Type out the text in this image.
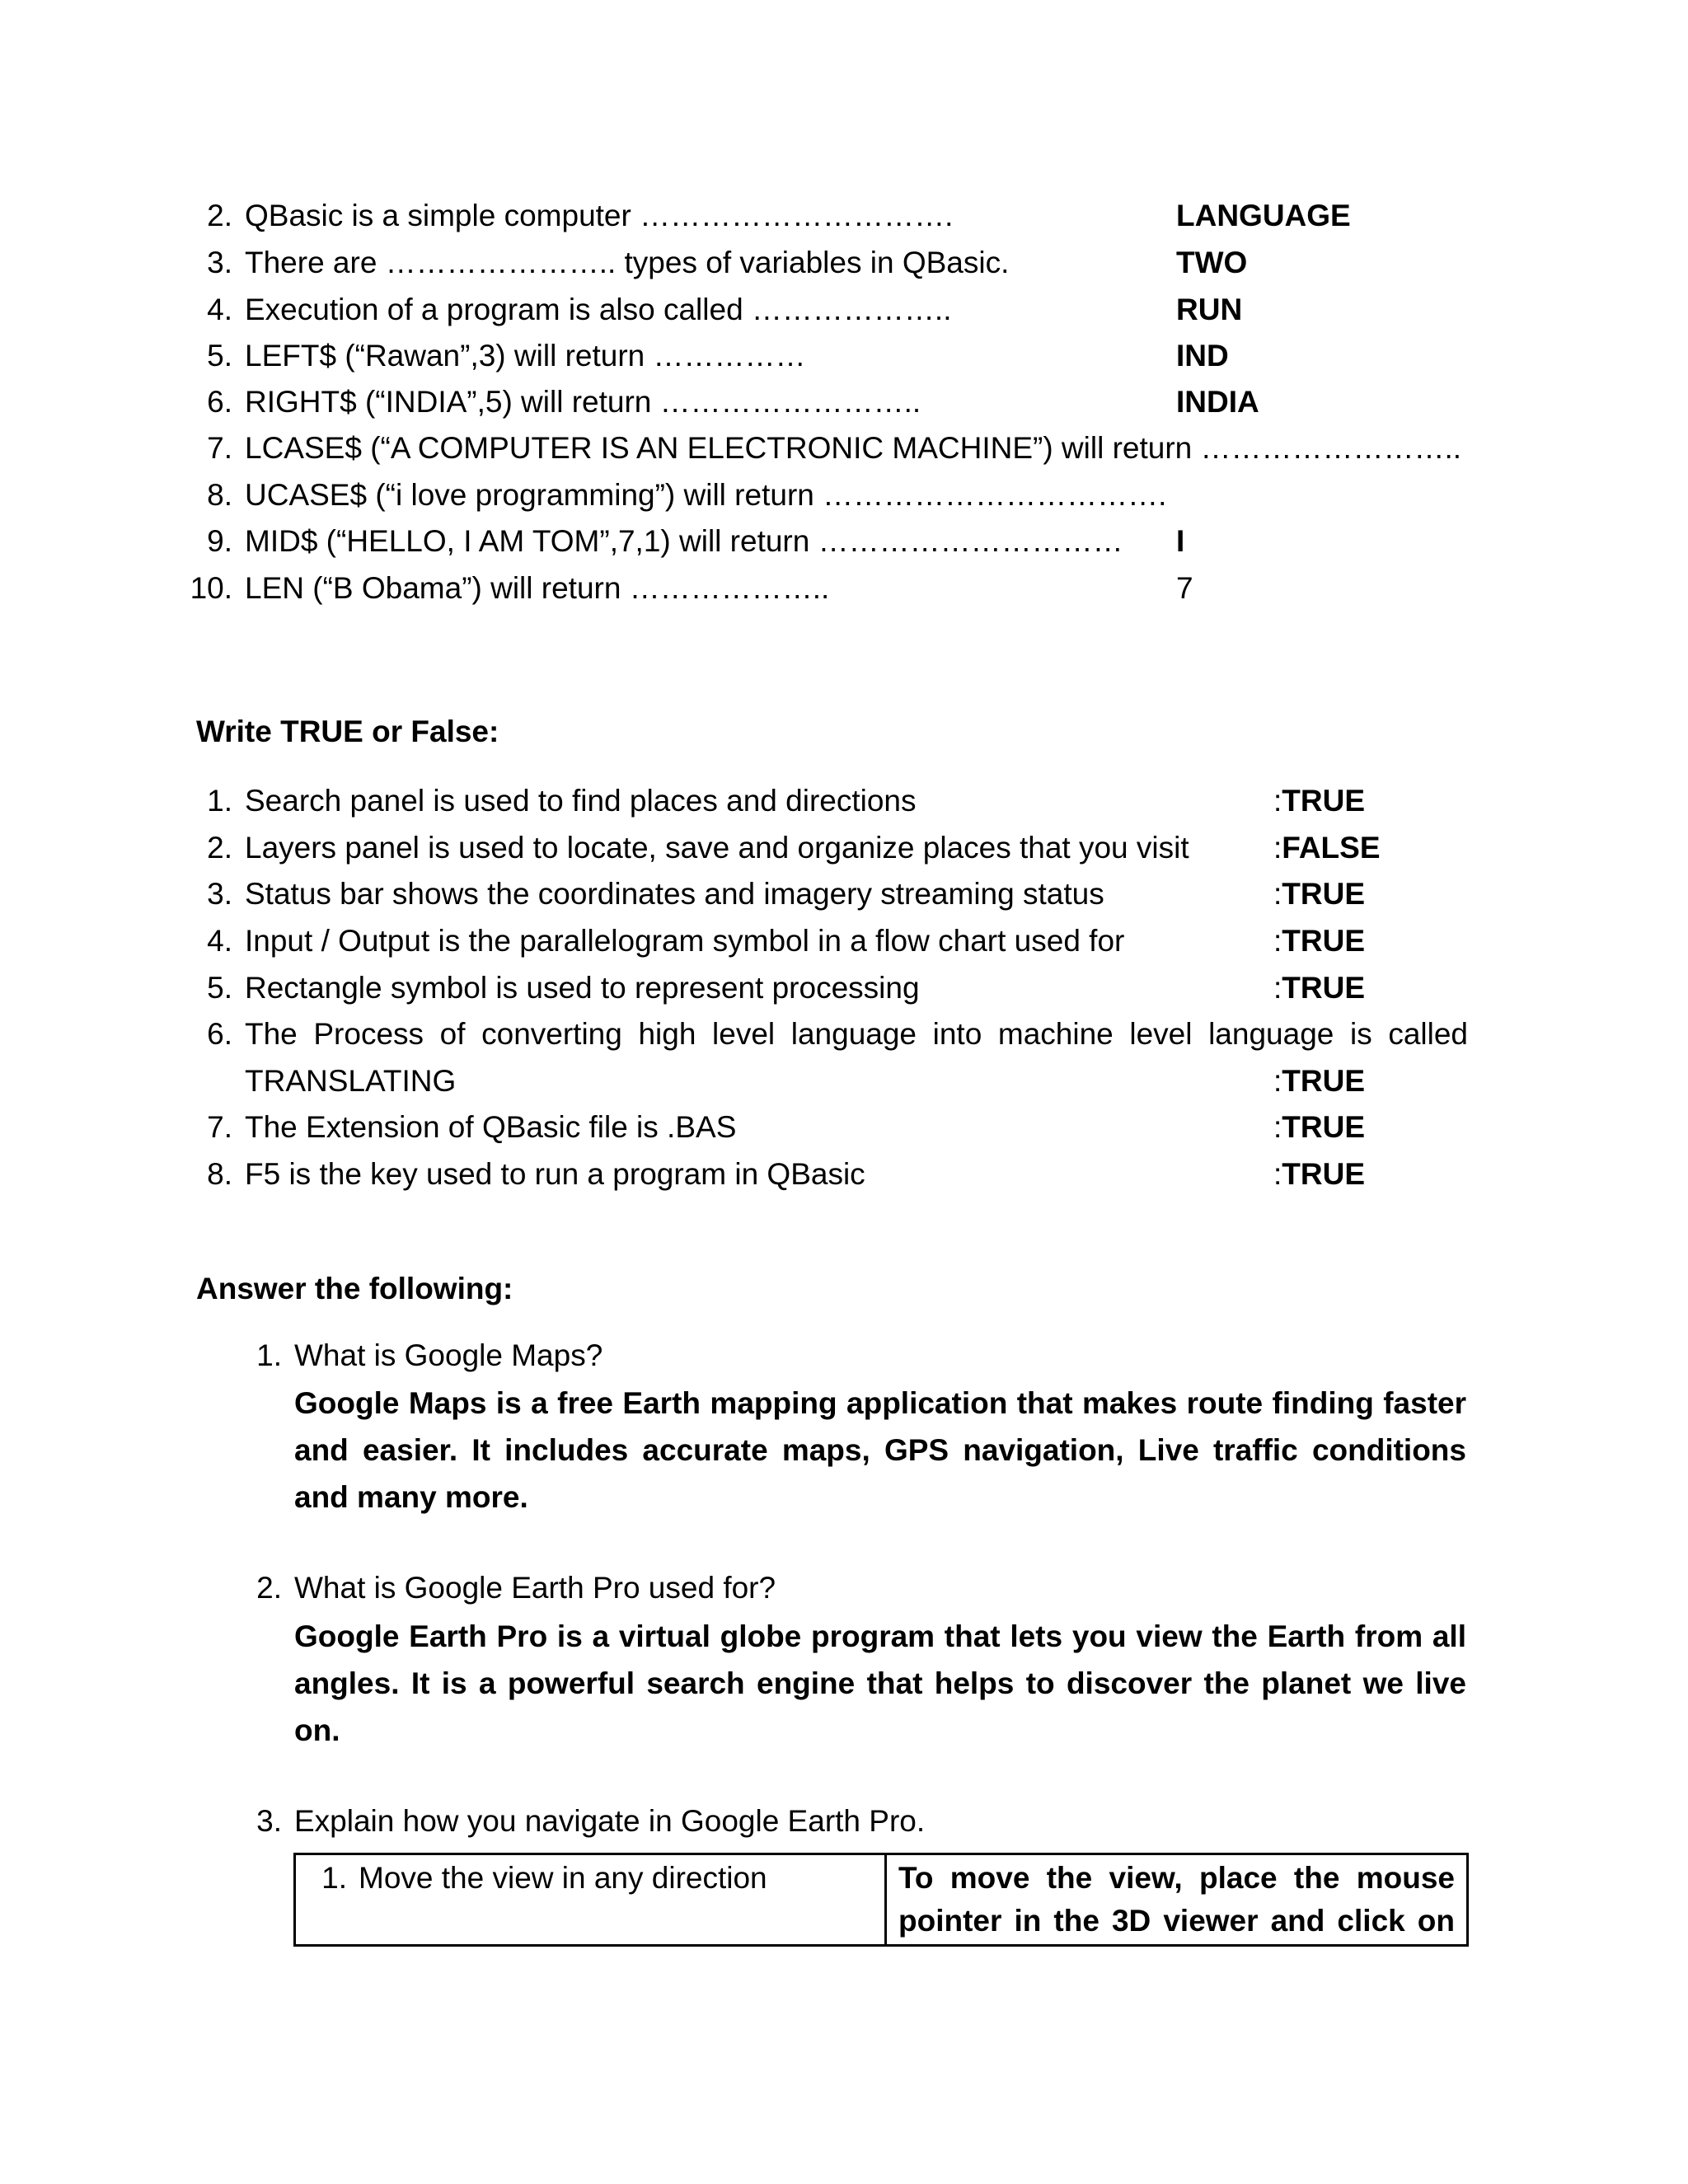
2. QBasic is a simple computer ………………………….	LANGUAGE
3. There are ………………….. types of variables in QBasic.	TWO
4. Execution of a program is also called ………………..	RUN
5. LEFT$ (“Rawan”,3) will return ……………	IND
6. RIGHT$ (“INDIA”,5) will return ……………………..	INDIA
7. LCASE$ (“A COMPUTER IS AN ELECTRONIC MACHINE”) will return ……………………..
8. UCASE$ (“i love programming”) will return …………………………….
9. MID$ (“HELLO, I AM TOM”,7,1) will return ………………………… I
10. LEN (“B Obama”) will return ………………..	7
Write TRUE or False:
1. Search panel is used to find places and directions	:TRUE
2. Layers panel is used to locate, save and organize places that you visit	:FALSE
3. Status bar shows the coordinates and imagery streaming status	:TRUE
4. Input / Output is the parallelogram symbol in a flow chart used for	:TRUE
5. Rectangle symbol is used to represent processing	:TRUE
6. The Process of converting high level language into machine level language is called
TRANSLATING	:TRUE
7. The Extension of QBasic file is .BAS	:TRUE
8. F5 is the key used to run a program in QBasic	:TRUE
Answer the following:
1. What is Google Maps?
Google Maps is a free Earth mapping application that makes route finding faster and easier. It includes accurate maps, GPS navigation, Live traffic conditions and many more.
2. What is Google Earth Pro used for?
Google Earth Pro is a virtual globe program that lets you view the Earth from all angles. It is a powerful search engine that helps to discover the planet we live on.
3. Explain how you navigate in Google Earth Pro.
1. Move the view in any direction	To move the view, place the mouse
pointer in the 3D viewer and click on
